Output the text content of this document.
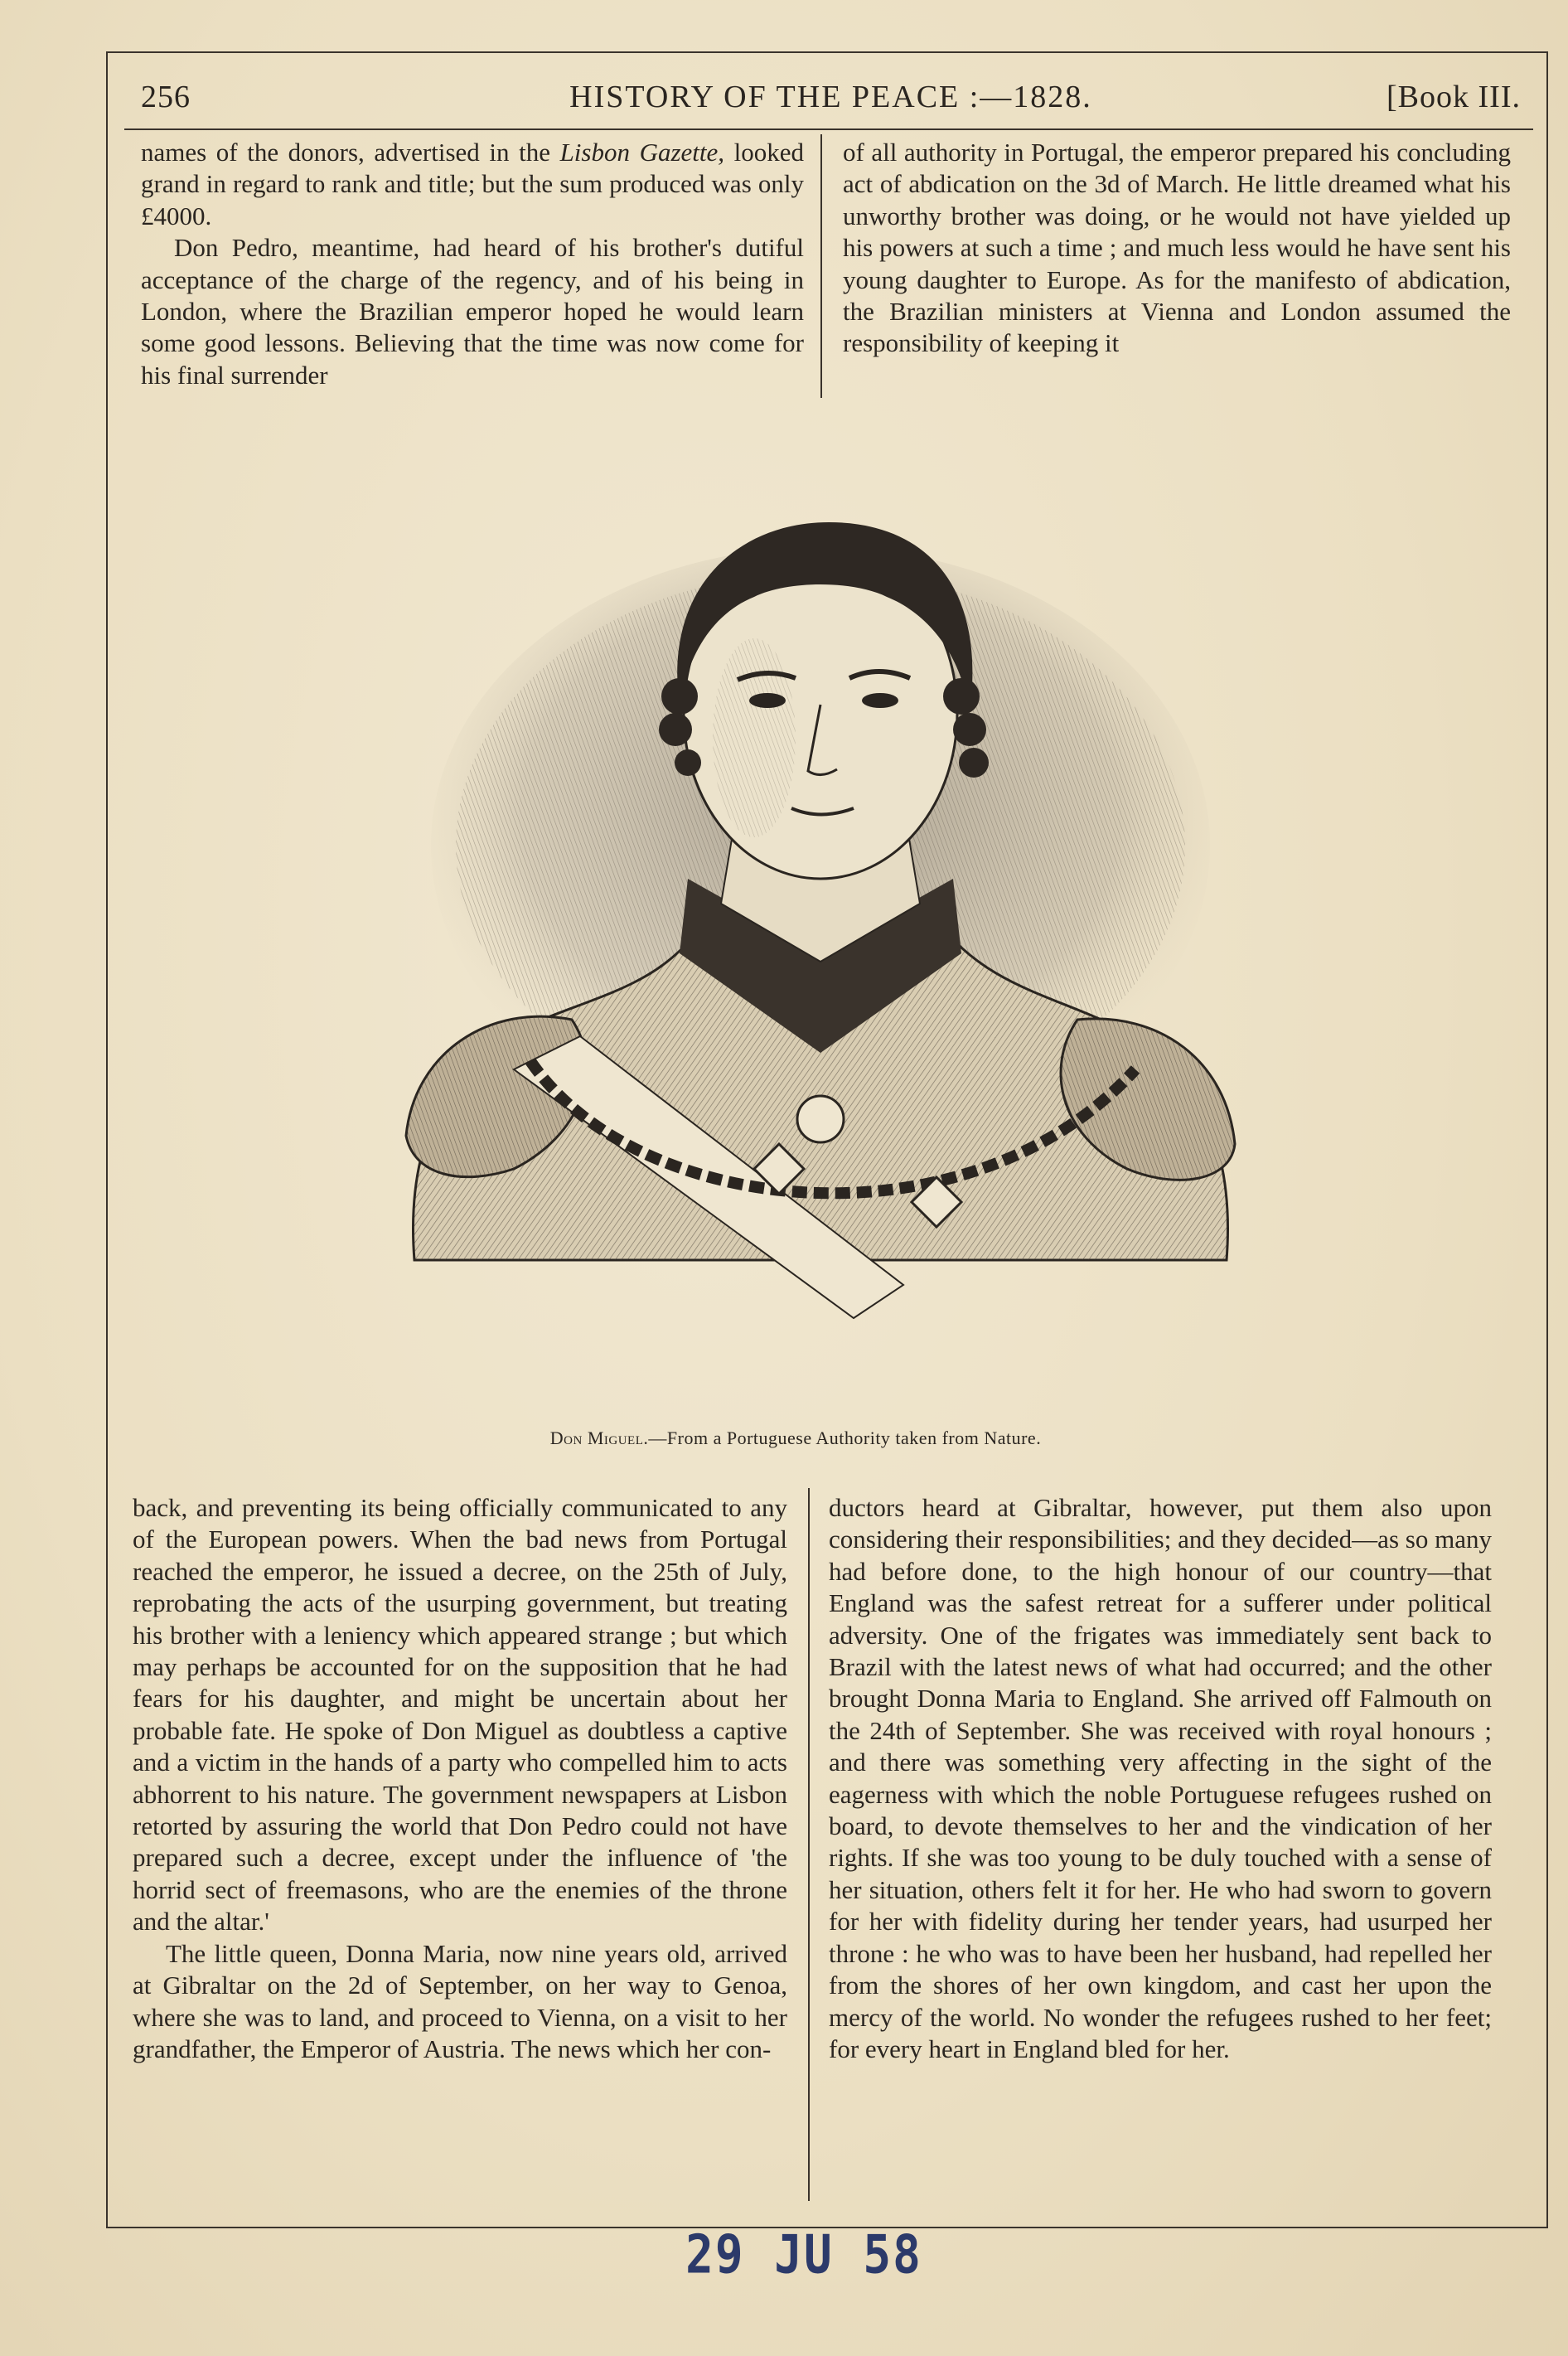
256	HISTORY OF THE PEACE :—1828.	[Book III.

names of the donors, advertised in the Lisbon Gazette, looked grand in regard to rank and title; but the sum produced was only £4000.

Don Pedro, meantime, had heard of his brother's dutiful acceptance of the charge of the regency, and of his being in London, where the Brazilian emperor hoped he would learn some good lessons. Believing that the time was now come for his final surrender

of all authority in Portugal, the emperor prepared his concluding act of abdication on the 3d of March. He little dreamed what his unworthy brother was doing, or he would not have yielded up his powers at such a time ; and much less would he have sent his young daughter to Europe. As for the manifesto of abdication, the Brazilian ministers at Vienna and London assumed the responsibility of keeping it

Don Miguel.—From a Portuguese Authority taken from Nature.

back, and preventing its being officially communicated to any of the European powers. When the bad news from Portugal reached the emperor, he issued a decree, on the 25th of July, reprobating the acts of the usurping government, but treating his brother with a leniency which appeared strange ; but which may perhaps be accounted for on the supposition that he had fears for his daughter, and might be uncertain about her probable fate. He spoke of Don Miguel as doubtless a captive and a victim in the hands of a party who compelled him to acts abhorrent to his nature. The government newspapers at Lisbon retorted by assuring the world that Don Pedro could not have prepared such a decree, except under the influence of 'the horrid sect of freemasons, who are the enemies of the throne and the altar.'

The little queen, Donna Maria, now nine years old, arrived at Gibraltar on the 2d of September, on her way to Genoa, where she was to land, and proceed to Vienna, on a visit to her grandfather, the Emperor of Austria. The news which her con-

ductors heard at Gibraltar, however, put them also upon considering their responsibilities; and they decided—as so many had before done, to the high honour of our country—that England was the safest retreat for a sufferer under political adversity. One of the frigates was immediately sent back to Brazil with the latest news of what had occurred; and the other brought Donna Maria to England. She arrived off Falmouth on the 24th of September. She was received with royal honours ; and there was something very affecting in the sight of the eagerness with which the noble Portuguese refugees rushed on board, to devote themselves to her and the vindication of her rights. If she was too young to be duly touched with a sense of her situation, others felt it for her. He who had sworn to govern for her with fidelity during her tender years, had usurped her throne : he who was to have been her husband, had repelled her from the shores of her own kingdom, and cast her upon the mercy of the world. No wonder the refugees rushed to her feet; for every heart in England bled for her.

29 JU 58
